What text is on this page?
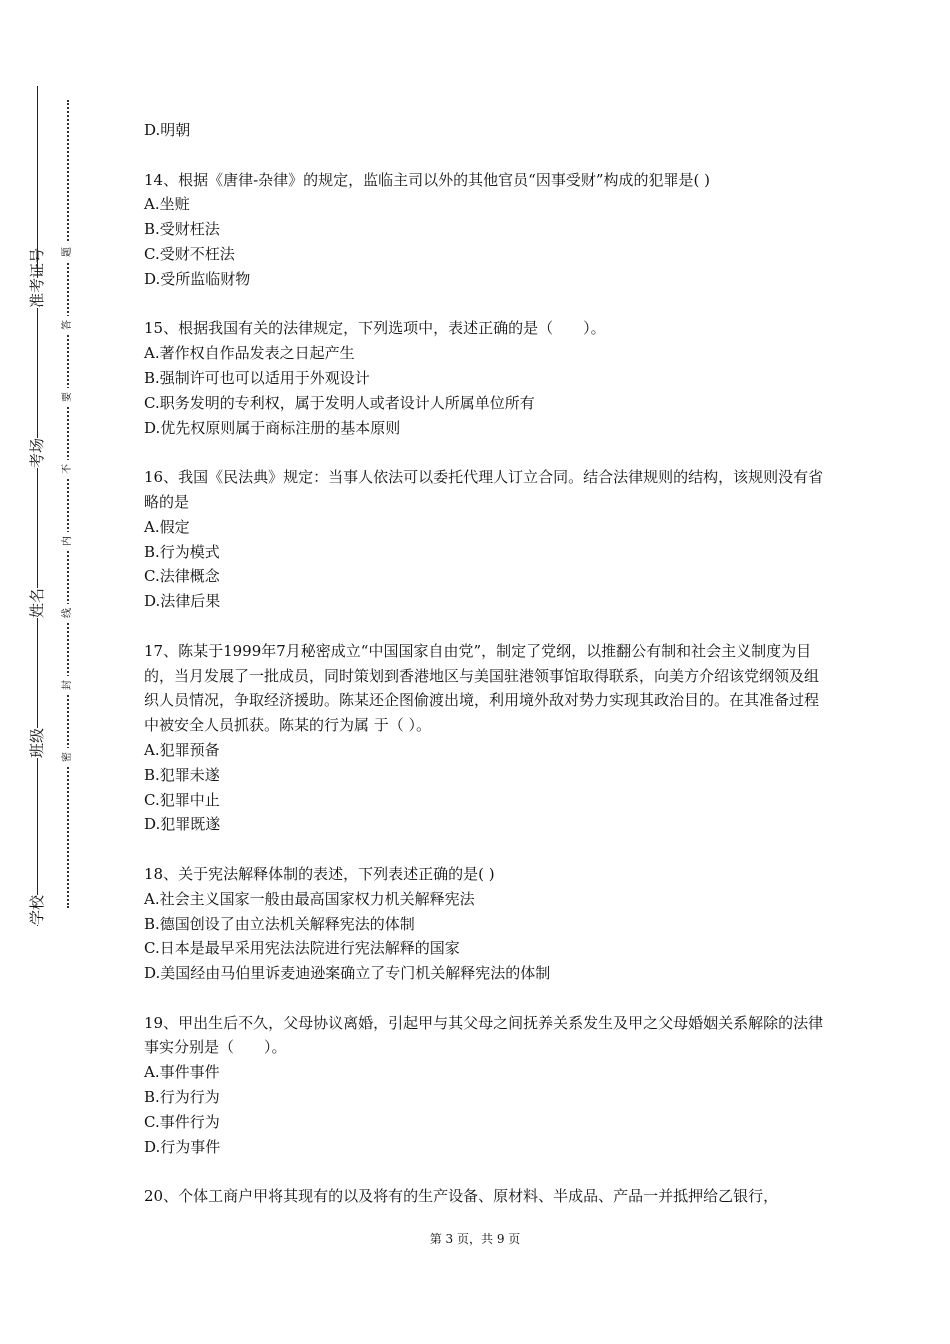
准考证号
考场
姓名
班级
学校
题
答
要
不
内
线
封
密

D.明朝

14、根据《唐律-杂律》的规定，监临主司以外的其他官员“因事受财”构成的犯罪是( )

A.坐赃

B.受财枉法

C.受财不枉法

D.受所监临财物

15、根据我国有关的法律规定，下列选项中，表述正确的是（　　）。

A.著作权自作品发表之日起产生

B.强制许可也可以适用于外观设计

C.职务发明的专利权，属于发明人或者设计人所属单位所有

D.优先权原则属于商标注册的基本原则

16、我国《民法典》规定：当事人依法可以委托代理人订立合同。结合法律规则的结构，该规则没有省略的是

A.假定

B.行为模式

C.法律概念

D.法律后果

17、陈某于1999年7月秘密成立“中国国家自由党”，制定了党纲，以推翻公有制和社会主义制度为目的，当月发展了一批成员，同时策划到香港地区与美国驻港领事馆取得联系，向美方介绍该党纲领及组织人员情况，争取经济援助。陈某还企图偷渡出境，利用境外敌对势力实现其政治目的。在其准备过程中被安全人员抓获。陈某的行为属 于（ ）。

A.犯罪预备

B.犯罪未遂

C.犯罪中止

D.犯罪既遂

18、关于宪法解释体制的表述，下列表述正确的是( )

A.社会主义国家一般由最高国家权力机关解释宪法

B.德国创设了由立法机关解释宪法的体制

C.日本是最早采用宪法法院进行宪法解释的国家

D.美国经由马伯里诉麦迪逊案确立了专门机关解释宪法的体制

19、甲出生后不久，父母协议离婚，引起甲与其父母之间抚养关系发生及甲之父母婚姻关系解除的法律事实分别是（　　）。

A.事件事件

B.行为行为

C.事件行为

D.行为事件

20、个体工商户甲将其现有的以及将有的生产设备、原材料、半成品、产品一并抵押给乙银行，

第 3 页，共 9 页
